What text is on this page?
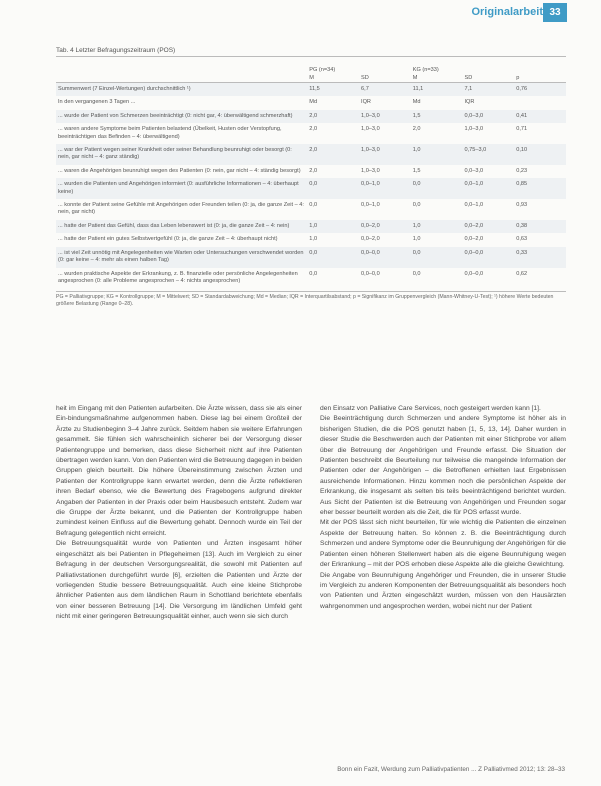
Originalarbeit 33
Tab. 4 Letzter Befragungszeitraum (POS)
	PG (n=34)		KG (n=33)		
	M	SD	M	SD	p
Summenwert (7 Einzel-Wertungen) durchschnittlich ¹)	11,5	6,7	11,1	7,1	0,76
In den vergangenen 3 Tagen ...	Md	IQR	Md	IQR	
... wurde der Patient von Schmerzen beeinträchtigt (0: nicht gar, 4: überwältigend schmerzhaft)	2,0	1,0–3,0	1,5	0,0–3,0	0,41
... waren andere Symptome beim Patienten belastend (Übelkeit, Husten oder Verstopfung, beeinträchtigen das Befinden – 4: überwältigend)	2,0	1,0–3,0	2,0	1,0–3,0	0,71
... war der Patient wegen seiner Krankheit oder seiner Behandlung beunruhigt oder besorgt (0: nein, gar nicht – 4: ganz ständig)	2,0	1,0–3,0	1,0	0,75–3,0	0,10
... waren die Angehörigen beunruhigt wegen des Patienten (0: nein, gar nicht – 4: ständig besorgt)	2,0	1,0–3,0	1,5	0,0–3,0	0,23
... wurden die Patienten und Angehörigen informiert (0: ausführliche Informationen – 4: überhaupt keine)	0,0	0,0–1,0	0,0	0,0–1,0	0,85
... konnte der Patient seine Gefühle mit Angehörigen oder Freunden teilen (0: ja, die ganze Zeit – 4: nein, gar nicht)	0,0	0,0–1,0	0,0	0,0–1,0	0,93
... hatte der Patient das Gefühl, dass das Leben lebenswert ist (0: ja, die ganze Zeit – 4: nein)	1,0	0,0–2,0	1,0	0,0–2,0	0,38
... hatte der Patient ein gutes Selbstwertgefühl (0: ja, die ganze Zeit – 4: überhaupt nicht)	1,0	0,0–2,0	1,0	0,0–2,0	0,63
... ist viel Zeit unnötig mit Angelegenheiten wie Warten oder Untersuchungen verschwendet worden (0: gar keine – 4: mehr als einen halben Tag)	0,0	0,0–0,0	0,0	0,0–0,0	0,33
... wurden praktische Aspekte der Erkrankung, z. B. finanzielle oder persönliche Angelegenheiten angesprochen (0: alle Probleme angesprochen – 4: nichts angesprochen)	0,0	0,0–0,0	0,0	0,0–0,0	0,62
PG = Palliativgruppe; KG = Kontrollgruppe; M = Mittelwert; SD = Standardabweichung; Md = Median; IQR = Interquartilsabstand; p = Signifikanz im Gruppenvergleich (Mann-Whitney-U-Test); ¹) höhere Werte bedeuten größere Belastung (Range 0–28).

heit im Eingang mit den Patienten aufarbeiten. Die Ärzte wissen, dass sie als einer Ein-bindungsmaßnahme aufgenommen haben. Diese lag bei einem Großteil der Ärzte zu Studienbeginn 3–4 Jahre zurück. Seitdem haben sie weitere Erfahrungen gesammelt. Sie fühlen sich wahrscheinlich sicherer bei der Versorgung dieser Patientengruppe und bemerken, dass diese Sicherheit nicht auf ihre Patienten übertragen werden kann. Von den Patienten wird die Betreuung dagegen in beiden Gruppen gleich beurteilt. Die höhere Übereinstimmung zwischen Ärzten und Patienten der Kontrollgruppe kann erwartet werden, denn die Ärzte reflektieren ihren Bedarf ebenso, wie die Bewertung des Fragebogens aufgrund direkter Angaben der Patienten in der Praxis oder beim Hausbesuch entsteht. Zudem war die Gruppe der Ärzte bekannt, und die Patienten der Kontrollgruppe haben zumindest keinen Einfluss auf die Bewertung gehabt. Dennoch wurde ein Teil der Befragung gelegentlich nicht erreicht.

Die Betreuungsqualität wurde von Patienten und Ärzten insgesamt höher eingeschätzt als bei Patienten in Pflegeheimen [13]. Auch im Vergleich zu einer Befragung in der deutschen Versorgungsrealität, die sowohl mit Patienten auf Palliativstationen durchgeführt wurde [6], erzielten die Patienten und Ärzte der vorliegenden Studie bessere Betreuungsqualität. Auch eine kleine Stichprobe ähnlicher Patienten aus dem ländlichen Raum in Schottland berichtete ebenfalls von einer besseren Betreuung [14]. Die Versorgung im ländlichen Umfeld geht nicht mit einer geringeren Betreuungsqualität einher, auch wenn sie sich durch

den Einsatz von Palliative Care Services, noch gesteigert werden kann [1].

Die Beeinträchtigung durch Schmerzen und andere Symptome ist höher als in bisherigen Studien, die die POS genutzt haben [1, 5, 13, 14]. Daher wurden in dieser Studie die Beschwerden auch der Patienten mit einer Stichprobe vor allem über die Betreuung der Angehörigen und Freunde erfasst. Die Situation der Patienten beschreibt die Beurteilung nur teilweise die mangelnde Information der Patienten oder der Angehörigen – die Betroffenen erhielten laut Ergebnissen ausreichende Informationen. Hinzu kommen noch die persönlichen Aspekte der Erkrankung, die insgesamt als selten bis teils beeinträchtigend berichtet wurden. Aus Sicht der Patienten ist die Betreuung von Angehörigen und Freunden sogar eher besser beurteilt worden als die Zeit, die für POS erfasst wurde.

Mit der POS lässt sich nicht beurteilen, für wie wichtig die Patienten die einzelnen Aspekte der Betreuung halten. So können z. B. die Beeinträchtigung durch Schmerzen und andere Symptome oder die Beunruhigung der Angehörigen für die Patienten einen höheren Stellenwert haben als die eigene Beunruhigung wegen der Erkrankung – mit der POS erhoben diese Aspekte alle die gleiche Gewichtung.

Die Angabe von Beunruhigung Angehöriger und Freunden, die in unserer Studie im Vergleich zu anderen Komponenten der Betreuungsqualität als besonders hoch von Patienten und Ärzten eingeschätzt wurden, müssen von den Hausärzten wahrgenommen und angesprochen werden, wobei nicht nur der Patient

Bonn ein Fazit, Werdung zum Palliativpatienten ... Z Palliativmed 2012; 13: 28–33
